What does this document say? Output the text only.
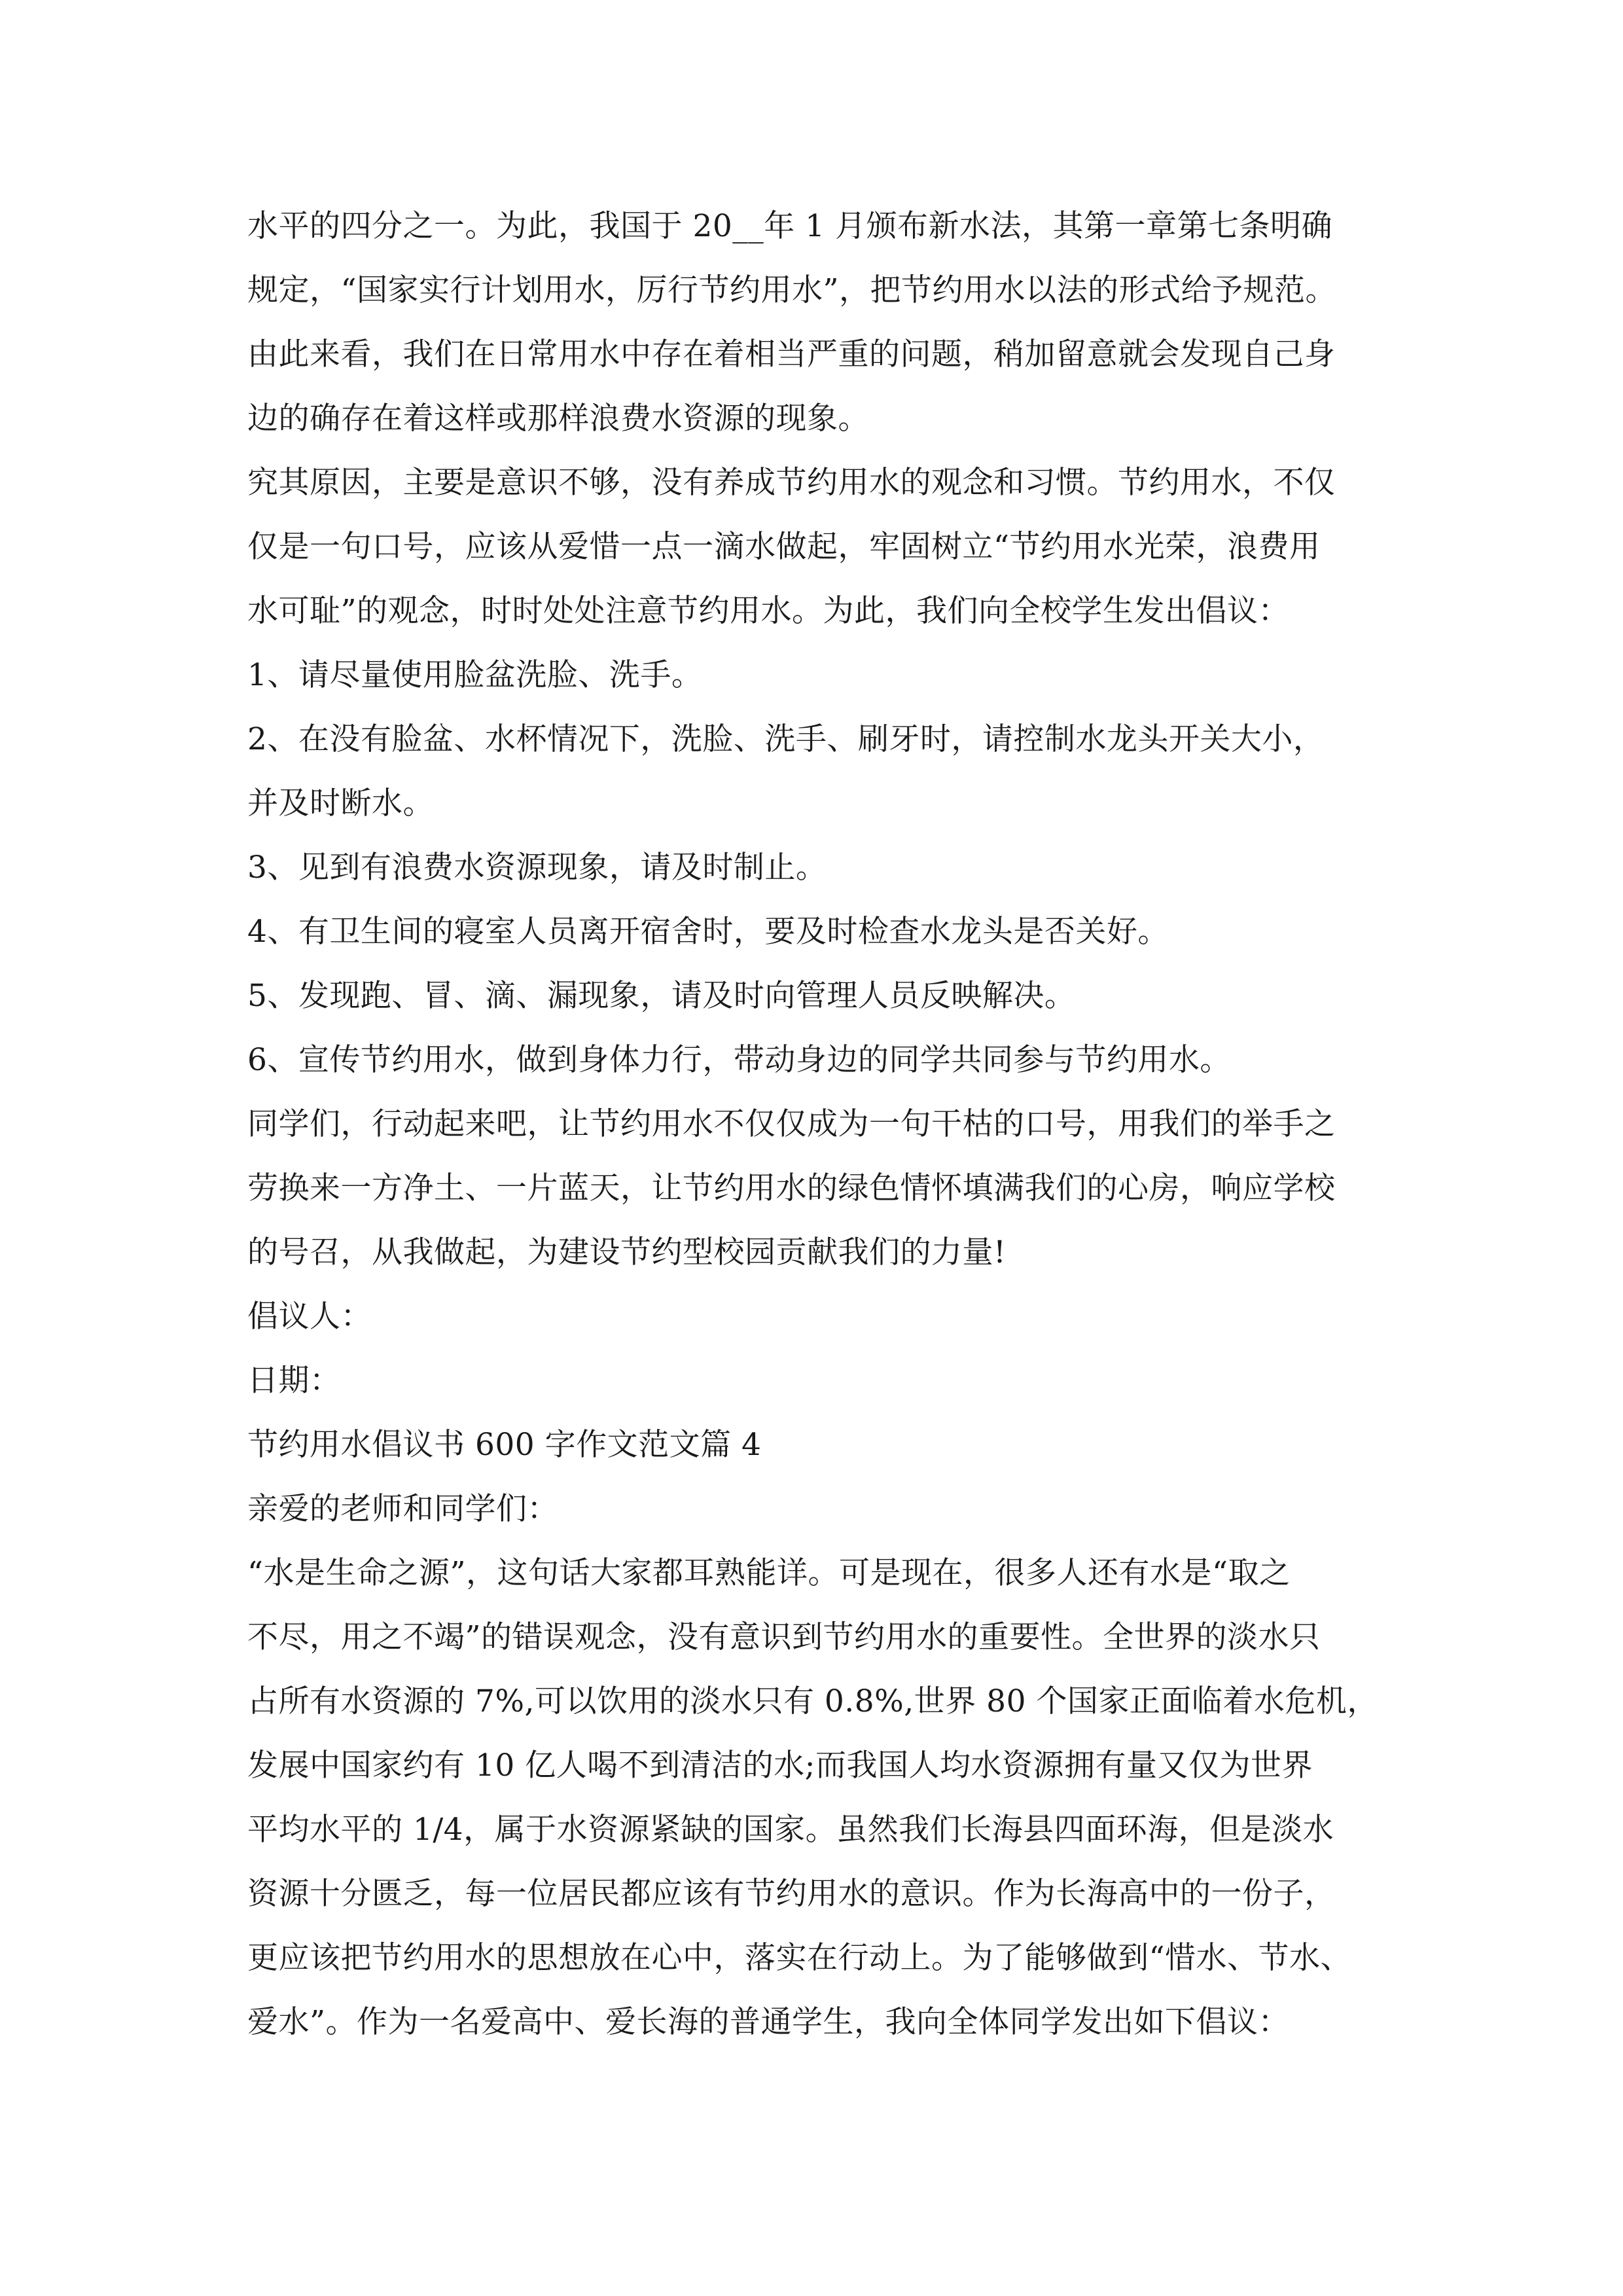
水平的四分之一。为此，我国于 20__年 1 月颁布新水法，其第一章第七条明确
规定，“国家实行计划用水，厉行节约用水”，把节约用水以法的形式给予规范。
由此来看，我们在日常用水中存在着相当严重的问题，稍加留意就会发现自己身
边的确存在着这样或那样浪费水资源的现象。
究其原因，主要是意识不够，没有养成节约用水的观念和习惯。节约用水，不仅
仅是一句口号，应该从爱惜一点一滴水做起，牢固树立“节约用水光荣，浪费用
水可耻”的观念，时时处处注意节约用水。为此，我们向全校学生发出倡议：
1、请尽量使用脸盆洗脸、洗手。
2、在没有脸盆、水杯情况下，洗脸、洗手、刷牙时，请控制水龙头开关大小，
并及时断水。
3、见到有浪费水资源现象，请及时制止。
4、有卫生间的寝室人员离开宿舍时，要及时检查水龙头是否关好。
5、发现跑、冒、滴、漏现象，请及时向管理人员反映解决。
6、宣传节约用水，做到身体力行，带动身边的同学共同参与节约用水。
同学们，行动起来吧，让节约用水不仅仅成为一句干枯的口号，用我们的举手之
劳换来一方净土、一片蓝天，让节约用水的绿色情怀填满我们的心房，响应学校
的号召，从我做起，为建设节约型校园贡献我们的力量!
倡议人：
日期：
节约用水倡议书 600 字作文范文篇 4
亲爱的老师和同学们：
“水是生命之源”，这句话大家都耳熟能详。可是现在，很多人还有水是“取之
不尽，用之不竭”的错误观念，没有意识到节约用水的重要性。全世界的淡水只
占所有水资源的 7%,可以饮用的淡水只有 0.8%,世界 80 个国家正面临着水危机，
发展中国家约有 10 亿人喝不到清洁的水;而我国人均水资源拥有量又仅为世界
平均水平的 1/4，属于水资源紧缺的国家。虽然我们长海县四面环海，但是淡水
资源十分匮乏，每一位居民都应该有节约用水的意识。作为长海高中的一份子，
更应该把节约用水的思想放在心中，落实在行动上。为了能够做到“惜水、节水、
爱水”。作为一名爱高中、爱长海的普通学生，我向全体同学发出如下倡议：
